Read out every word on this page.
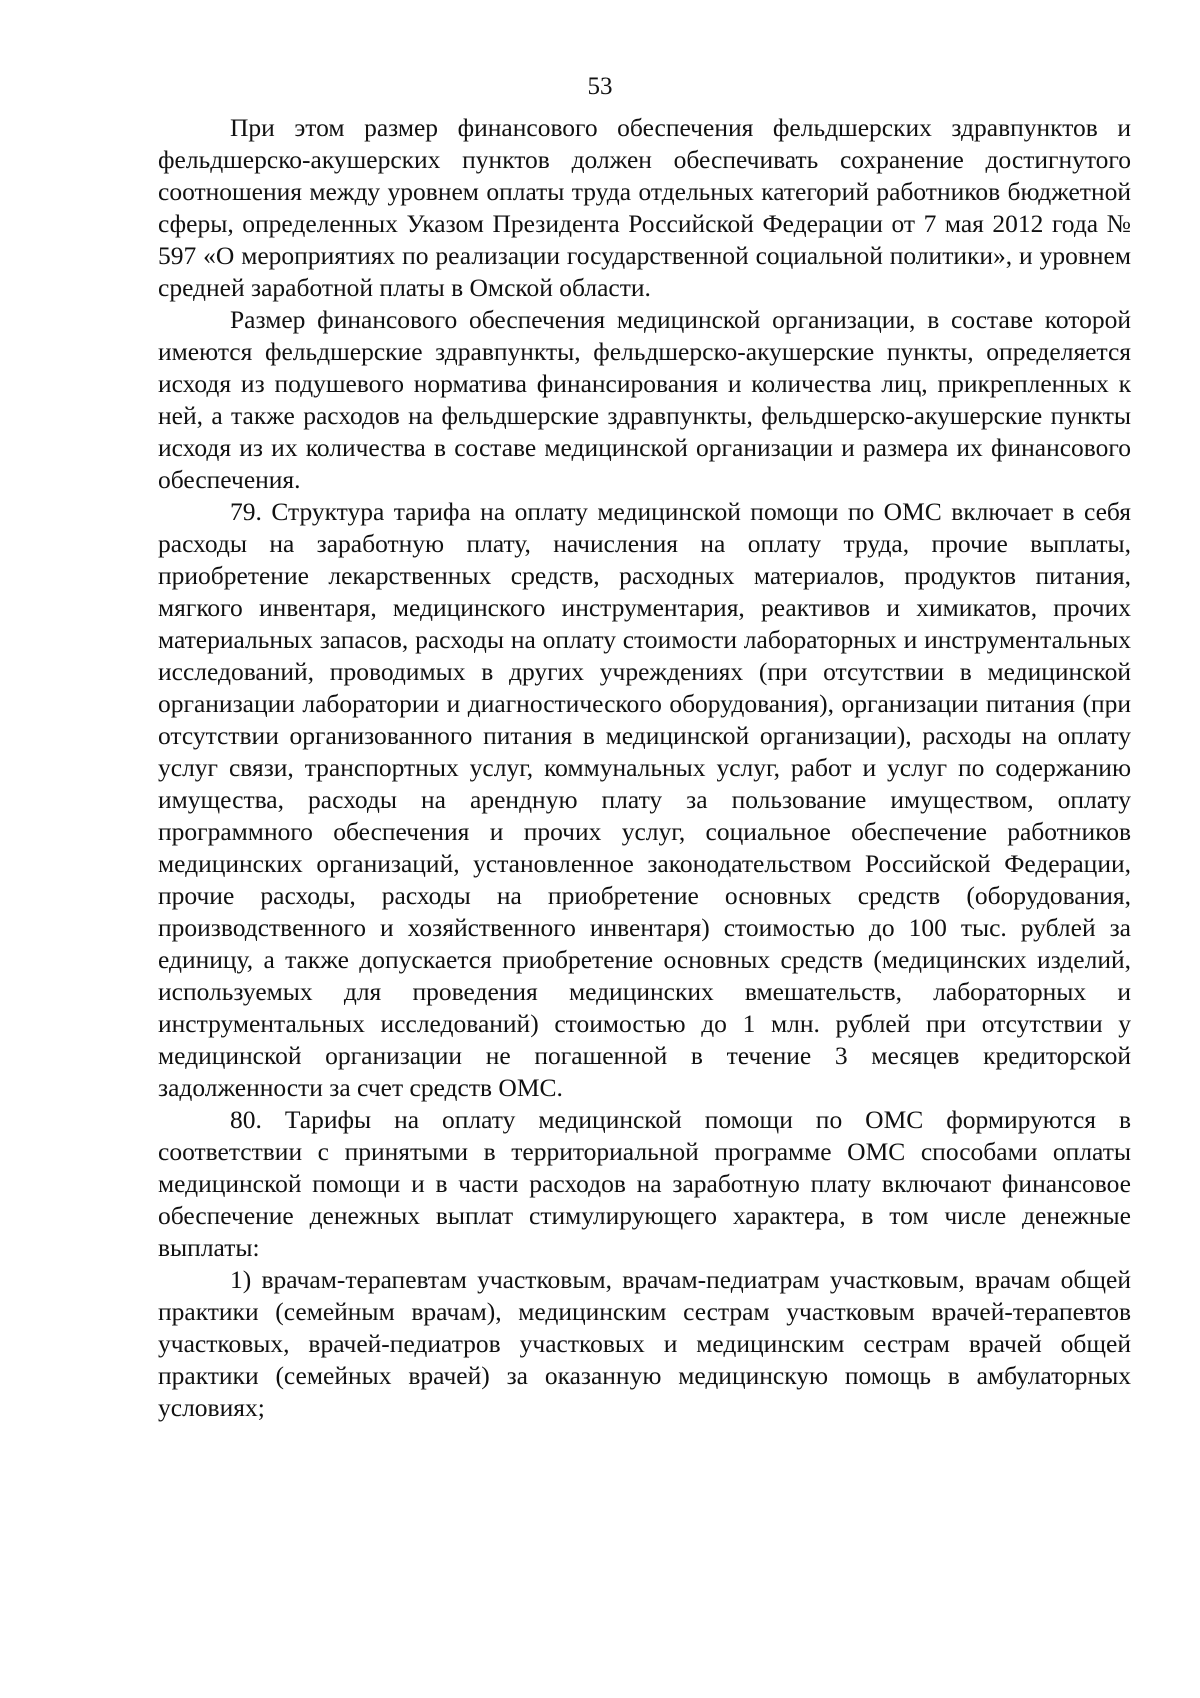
53

При этом размер финансового обеспечения фельдшерских здравпунктов и фельдшерско-акушерских пунктов должен обеспечивать сохранение достигнутого соотношения между уровнем оплаты труда отдельных категорий работников бюджетной сферы, определенных Указом Президента Российской Федерации от 7 мая 2012 года № 597 «О мероприятиях по реализации государственной социальной политики», и уровнем средней заработной платы в Омской области.

Размер финансового обеспечения медицинской организации, в составе которой имеются фельдшерские здравпункты, фельдшерско-акушерские пункты, определяется исходя из подушевого норматива финансирования и количества лиц, прикрепленных к ней, а также расходов на фельдшерские здравпункты, фельдшерско-акушерские пункты исходя из их количества в составе медицинской организации и размера их финансового обеспечения.

79. Структура тарифа на оплату медицинской помощи по ОМС включает в себя расходы на заработную плату, начисления на оплату труда, прочие выплаты, приобретение лекарственных средств, расходных материалов, продуктов питания, мягкого инвентаря, медицинского инструментария, реактивов и химикатов, прочих материальных запасов, расходы на оплату стоимости лабораторных и инструментальных исследований, проводимых в других учреждениях (при отсутствии в медицинской организации лаборатории и диагностического оборудования), организации питания (при отсутствии организованного питания в медицинской организации), расходы на оплату услуг связи, транспортных услуг, коммунальных услуг, работ и услуг по содержанию имущества, расходы на арендную плату за пользование имуществом, оплату программного обеспечения и прочих услуг, социальное обеспечение работников медицинских организаций, установленное законодательством Российской Федерации, прочие расходы, расходы на приобретение основных средств (оборудования, производственного и хозяйственного инвентаря) стоимостью до 100 тыс. рублей за единицу, а также допускается приобретение основных средств (медицинских изделий, используемых для проведения медицинских вмешательств, лабораторных и инструментальных исследований) стоимостью до 1 млн. рублей при отсутствии у медицинской организации не погашенной в течение 3 месяцев кредиторской задолженности за счет средств ОМС.

80. Тарифы на оплату медицинской помощи по ОМС формируются в соответствии с принятыми в территориальной программе ОМС способами оплаты медицинской помощи и в части расходов на заработную плату включают финансовое обеспечение денежных выплат стимулирующего характера, в том числе денежные выплаты:

1) врачам-терапевтам участковым, врачам-педиатрам участковым, врачам общей практики (семейным врачам), медицинским сестрам участковым врачей-терапевтов участковых, врачей-педиатров участковых и медицинским сестрам врачей общей практики (семейных врачей) за оказанную медицинскую помощь в амбулаторных условиях;
